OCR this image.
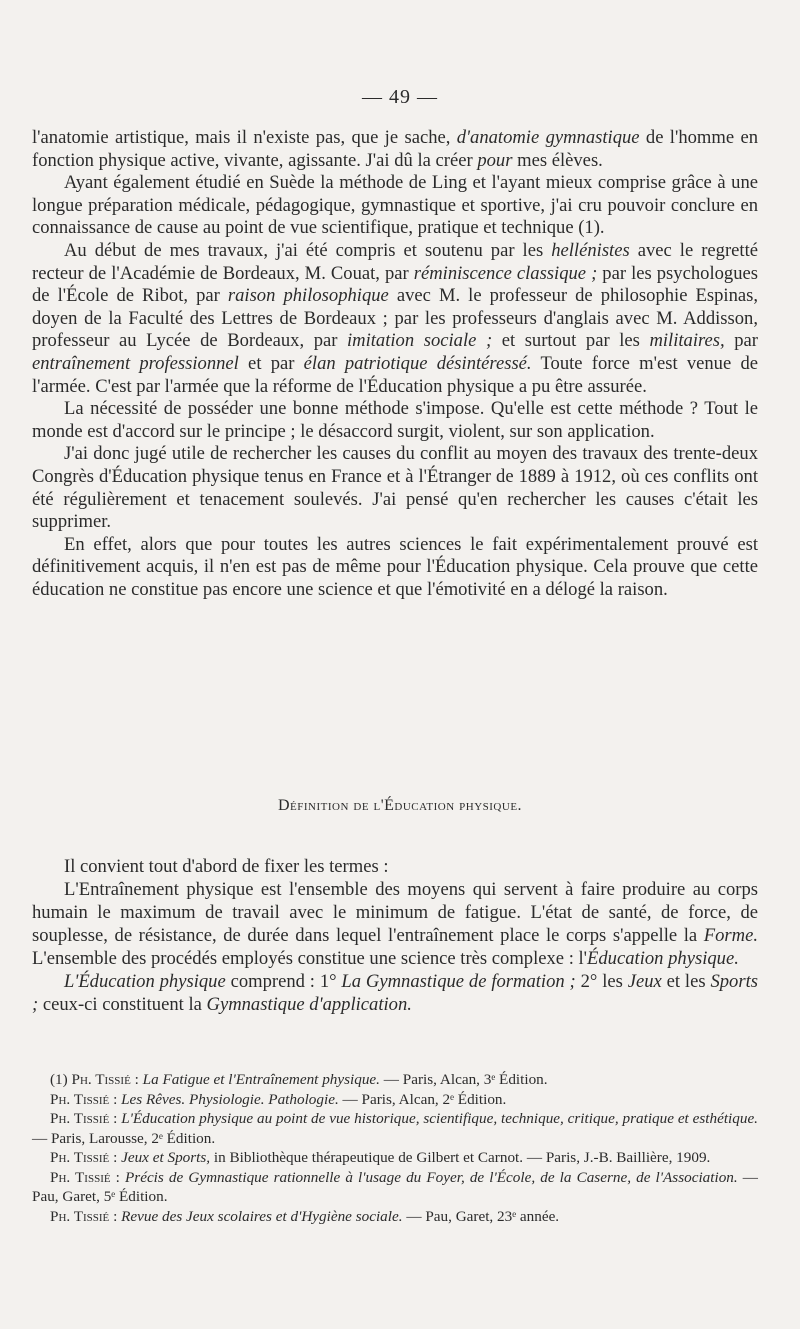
— 49 —

l'anatomie artistique, mais il n'existe pas, que je sache, d'anatomie gymnastique de l'homme en fonction physique active, vivante, agissante. J'ai dû la créer pour mes élèves.

Ayant également étudié en Suède la méthode de Ling et l'ayant mieux comprise grâce à une longue préparation médicale, pédagogique, gymnastique et sportive, j'ai cru pouvoir conclure en connaissance de cause au point de vue scientifique, pratique et technique (1).

Au début de mes travaux, j'ai été compris et soutenu par les hellénistes avec le regretté recteur de l'Académie de Bordeaux, M. Couat, par réminiscence classique ; par les psychologues de l'École de Ribot, par raison philosophique avec M. le professeur de philosophie Espinas, doyen de la Faculté des Lettres de Bordeaux ; par les professeurs d'anglais avec M. Addisson, professeur au Lycée de Bordeaux, par imitation sociale ; et surtout par les militaires, par entraînement professionnel et par élan patriotique désintéressé. Toute force m'est venue de l'armée. C'est par l'armée que la réforme de l'Éducation physique a pu être assurée.

La nécessité de posséder une bonne méthode s'impose. Qu'elle est cette méthode ? Tout le monde est d'accord sur le principe ; le désaccord surgit, violent, sur son application.

J'ai donc jugé utile de rechercher les causes du conflit au moyen des travaux des trente-deux Congrès d'Éducation physique tenus en France et à l'Étranger de 1889 à 1912, où ces conflits ont été régulièrement et tenacement soulevés. J'ai pensé qu'en rechercher les causes c'était les supprimer.

En effet, alors que pour toutes les autres sciences le fait expérimentalement prouvé est définitivement acquis, il n'en est pas de même pour l'Éducation physique. Cela prouve que cette éducation ne constitue pas encore une science et que l'émotivité en a délogé la raison.

Définition de l'Éducation physique.

Il convient tout d'abord de fixer les termes :

L'Entraînement physique est l'ensemble des moyens qui servent à faire produire au corps humain le maximum de travail avec le minimum de fatigue. L'état de santé, de force, de souplesse, de résistance, de durée dans lequel l'entraînement place le corps s'appelle la Forme. L'ensemble des procédés employés constitue une science très complexe : l'Éducation physique.

L'Éducation physique comprend : 1° La Gymnastique de formation ; 2° les Jeux et les Sports ; ceux-ci constituent la Gymnastique d'application.

(1) Ph. Tissié : La Fatigue et l'Entraînement physique. — Paris, Alcan, 3ᵉ Édition.

Ph. Tissié : Les Rêves. Physiologie. Pathologie. — Paris, Alcan, 2ᵉ Édition.

Ph. Tissié : L'Éducation physique au point de vue historique, scientifique, technique, critique, pratique et esthétique. — Paris, Larousse, 2ᵉ Édition.

Ph. Tissié : Jeux et Sports, in Bibliothèque thérapeutique de Gilbert et Carnot. — Paris, J.-B. Baillière, 1909.

Ph. Tissié : Précis de Gymnastique rationnelle à l'usage du Foyer, de l'École, de la Caserne, de l'Association. — Pau, Garet, 5ᵉ Édition.

Ph. Tissié : Revue des Jeux scolaires et d'Hygiène sociale. — Pau, Garet, 23ᵉ année.
